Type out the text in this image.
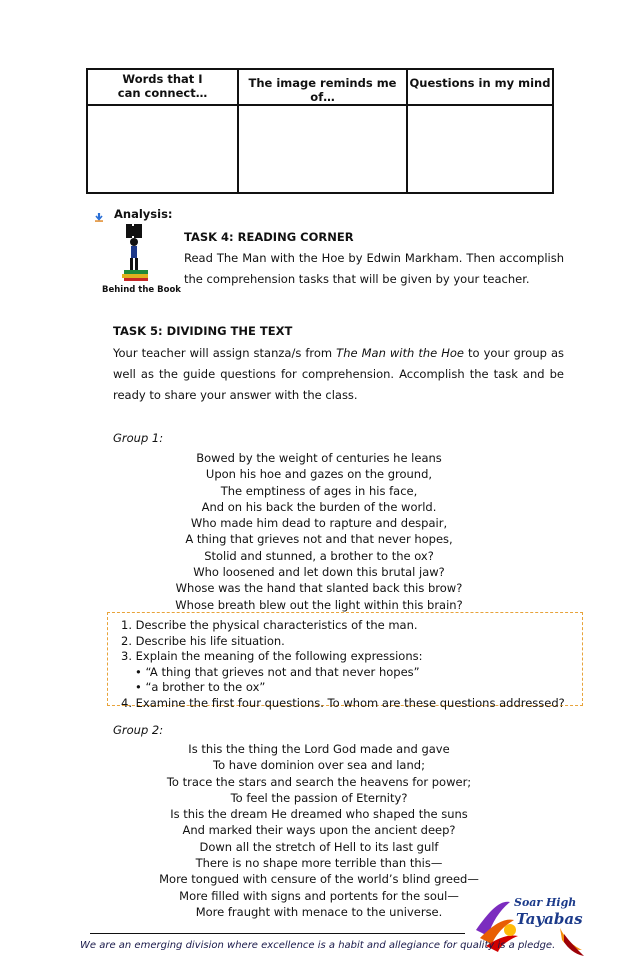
Words that I can connect…	The image reminds me of…	Questions in my mind

Analysis:
Behind the Book
TASK 4: READING CORNER
Read The Man with the Hoe by Edwin Markham. Then accomplish the comprehension tasks that will be given by your teacher.
TASK 5: DIVIDING THE TEXT
Your teacher will assign stanza/s from The Man with the Hoe to your group as well as the guide questions for comprehension. Accomplish the task and be ready to share your answer with the class.
Group 1:
Bowed by the weight of centuries he leans
Upon his hoe and gazes on the ground,
The emptiness of ages in his face,
And on his back the burden of the world.
Who made him dead to rapture and despair,
A thing that grieves not and that never hopes,
Stolid and stunned, a brother to the ox?
Who loosened and let down this brutal jaw?
Whose was the hand that slanted back this brow?
Whose breath blew out the light within this brain?
1. Describe the physical characteristics of the man.
2. Describe his life situation.
3. Explain the meaning of the following expressions:
• “A thing that grieves not and that never hopes”
• “a brother to the ox”
4. Examine the first four questions. To whom are these questions addressed?
Group 2:
Is this the thing the Lord God made and gave
To have dominion over sea and land;
To trace the stars and search the heavens for power;
To feel the passion of Eternity?
Is this the dream He dreamed who shaped the suns
And marked their ways upon the ancient deep?
Down all the stretch of Hell to its last gulf
There is no shape more terrible than this—
More tongued with censure of the world’s blind greed—
More filled with signs and portents for the soul—
More fraught with menace to the universe.
Soar High
Tayabas
We are an emerging division where excellence is a habit and allegiance for quality is a pledge.
